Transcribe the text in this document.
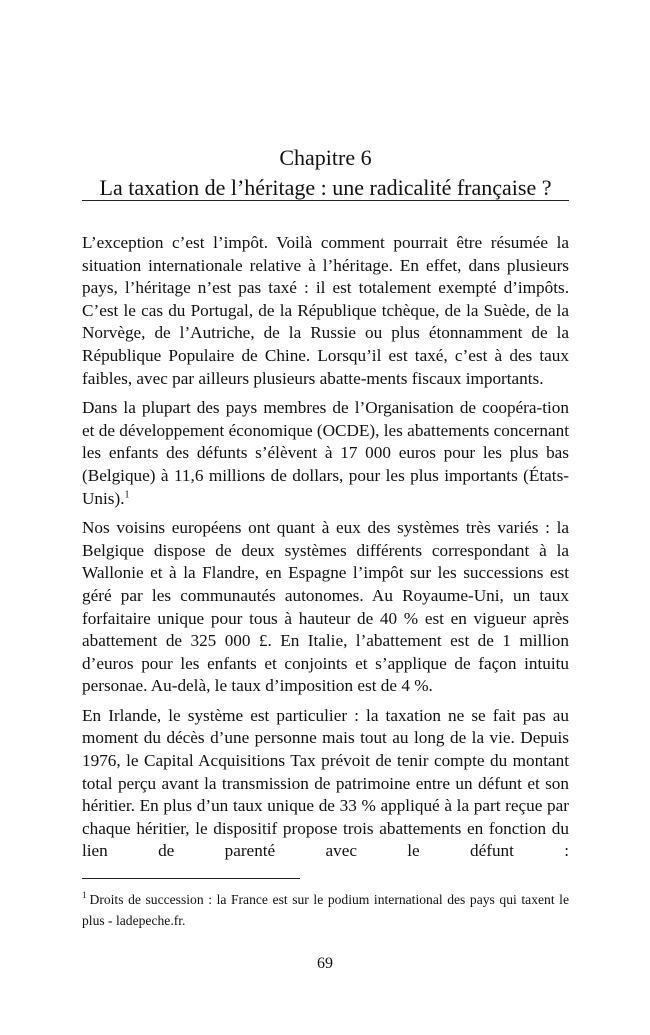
Chapitre 6
La taxation de l’héritage : une radicalité française ?

L’exception c’est l’impôt. Voilà comment pourrait être résumée la situation internationale relative à l’héritage. En effet, dans plusieurs pays, l’héritage n’est pas taxé : il est totalement exempté d’impôts. C’est le cas du Portugal, de la République tchèque, de la Suède, de la Norvège, de l’Autriche, de la Russie ou plus étonnamment de la République Populaire de Chine. Lorsqu’il est taxé, c’est à des taux faibles, avec par ailleurs plusieurs abatte-ments fiscaux importants.

Dans la plupart des pays membres de l’Organisation de coopéra-tion et de développement économique (OCDE), les abattements concernant les enfants des défunts s’élèvent à 17 000 euros pour les plus bas (Belgique) à 11,6 millions de dollars, pour les plus importants (États-Unis).$^1$

Nos voisins européens ont quant à eux des systèmes très variés : la Belgique dispose de deux systèmes différents correspondant à la Wallonie et à la Flandre, en Espagne l’impôt sur les successions est géré par les communautés autonomes. Au Royaume-Uni, un taux forfaitaire unique pour tous à hauteur de 40 % est en vigueur après abattement de 325 000 £. En Italie, l’abattement est de 1 million d’euros pour les enfants et conjoints et s’applique de façon intuitu personae. Au-delà, le taux d’imposition est de 4 %.

En Irlande, le système est particulier : la taxation ne se fait pas au moment du décès d’une personne mais tout au long de la vie. Depuis 1976, le Capital Acquisitions Tax prévoit de tenir compte du montant total perçu avant la transmission de patrimoine entre un défunt et son héritier. En plus d’un taux unique de 33 % appliqué à la part reçue par chaque héritier, le dispositif propose trois abattements en fonction du lien de parenté avec le défunt :

$^1$ Droits de succession : la France est sur le podium international des pays qui taxent le plus - ladepeche.fr.
69
